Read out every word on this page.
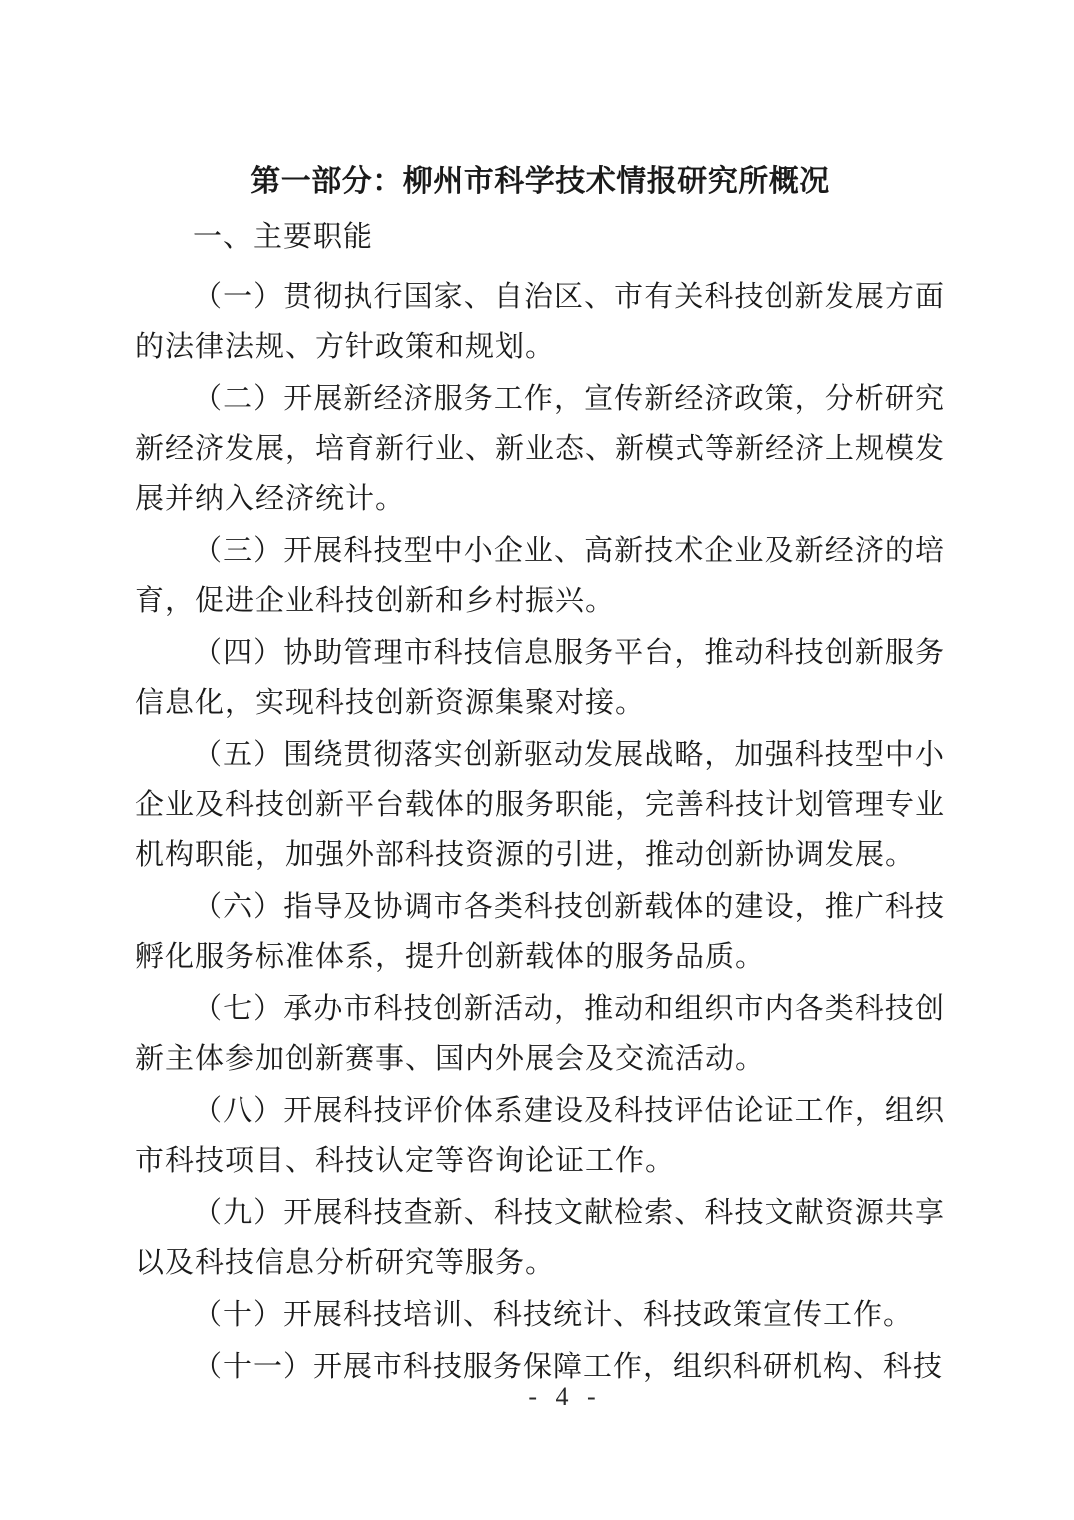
第一部分：柳州市科学技术情报研究所概况
一、主要职能

（一）贯彻执行国家、自治区、市有关科技创新发展方面的法律法规、方针政策和规划。

（二）开展新经济服务工作，宣传新经济政策，分析研究新经济发展，培育新行业、新业态、新模式等新经济上规模发展并纳入经济统计。

（三）开展科技型中小企业、高新技术企业及新经济的培育，促进企业科技创新和乡村振兴。

（四）协助管理市科技信息服务平台，推动科技创新服务信息化，实现科技创新资源集聚对接。

（五）围绕贯彻落实创新驱动发展战略，加强科技型中小企业及科技创新平台载体的服务职能，完善科技计划管理专业机构职能，加强外部科技资源的引进，推动创新协调发展。

（六）指导及协调市各类科技创新载体的建设，推广科技孵化服务标准体系，提升创新载体的服务品质。

（七）承办市科技创新活动，推动和组织市内各类科技创新主体参加创新赛事、国内外展会及交流活动。

（八）开展科技评价体系建设及科技评估论证工作，组织市科技项目、科技认定等咨询论证工作。

（九）开展科技查新、科技文献检索、科技文献资源共享以及科技信息分析研究等服务。

（十）开展科技培训、科技统计、科技政策宣传工作。

（十一）开展市科技服务保障工作，组织科研机构、科技

- 4 -
